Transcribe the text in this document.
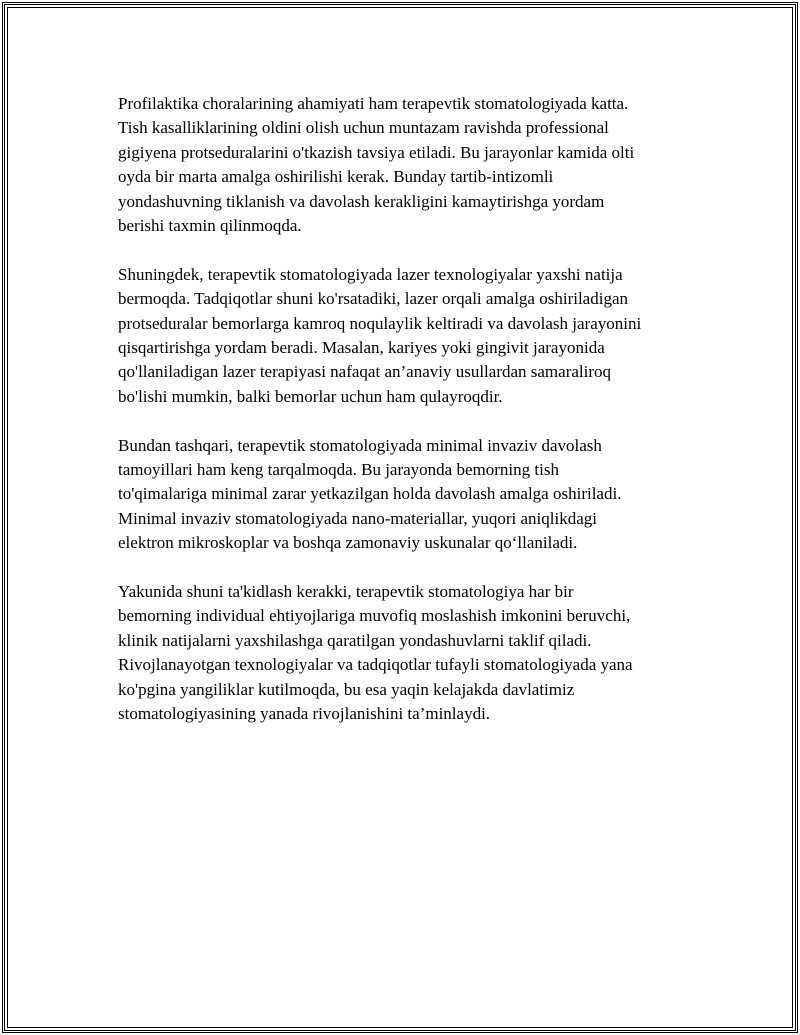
Profilaktika choralarining ahamiyati ham terapevtik stomatologiyada katta.
Tish kasalliklarining oldini olish uchun muntazam ravishda professional
gigiyena protseduralarini o'tkazish tavsiya etiladi. Bu jarayonlar kamida olti
oyda bir marta amalga oshirilishi kerak. Bunday tartib-intizomli
yondashuvning tiklanish va davolash kerakligini kamaytirishga yordam
berishi taxmin qilinmoqda.

Shuningdek, terapevtik stomatologiyada lazer texnologiyalar yaxshi natija
bermoqda. Tadqiqotlar shuni ko'rsatadiki, lazer orqali amalga oshiriladigan
protseduralar bemorlarga kamroq noqulaylik keltiradi va davolash jarayonini
qisqartirishga yordam beradi. Masalan, kariyes yoki gingivit jarayonida
qo'llaniladigan lazer terapiyasi nafaqat an’anaviy usullardan samaraliroq
bo'lishi mumkin, balki bemorlar uchun ham qulayroqdir.

Bundan tashqari, terapevtik stomatologiyada minimal invaziv davolash
tamoyillari ham keng tarqalmoqda. Bu jarayonda bemorning tish
to'qimalariga minimal zarar yetkazilgan holda davolash amalga oshiriladi.
Minimal invaziv stomatologiyada nano-materiallar, yuqori aniqlikdagi
elektron mikroskoplar va boshqa zamonaviy uskunalar qo‘llaniladi.

Yakunida shuni ta'kidlash kerakki, terapevtik stomatologiya har bir
bemorning individual ehtiyojlariga muvofiq moslashish imkonini beruvchi,
klinik natijalarni yaxshilashga qaratilgan yondashuvlarni taklif qiladi.
Rivojlanayotgan texnologiyalar va tadqiqotlar tufayli stomatologiyada yana
ko'pgina yangiliklar kutilmoqda, bu esa yaqin kelajakda davlatimiz
stomatologiyasining yanada rivojlanishini ta’minlaydi.
